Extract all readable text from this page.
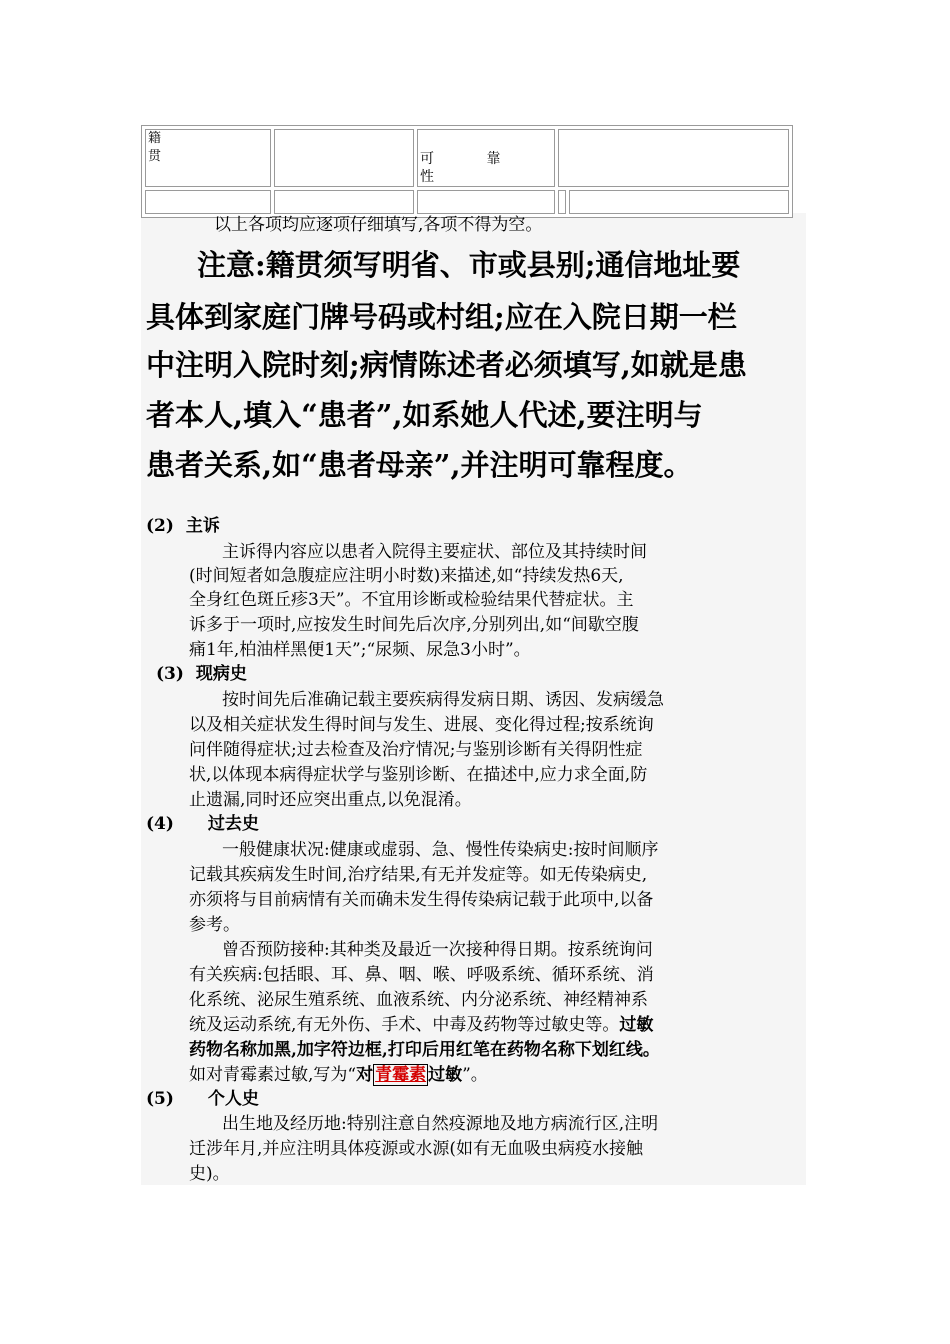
籍
贯		可 靠 性		

以上各项均应逐项仔细填写,各项不得为空。
注意:籍贯须写明省、市或县别;通信地址要
具体到家庭门牌号码或村组;应在入院日期一栏
中注明入院时刻;病情陈述者必须填写,如就是患
者本人,填入“患者”,如系她人代述,要注明与
患者关系,如“患者母亲”,并注明可靠程度。
(2) 主诉
主诉得内容应以患者入院得主要症状、部位及其持续时间
(时间短者如急腹症应注明小时数)来描述,如“持续发热6天,
全身红色斑丘疹3天”。不宜用诊断或检验结果代替症状。主
诉多于一项时,应按发生时间先后次序,分别列出,如“间歇空腹
痛1年,柏油样黑便1天”;“尿频、尿急3小时”。
(3) 现病史
按时间先后准确记载主要疾病得发病日期、诱因、发病缓急
以及相关症状发生得时间与发生、进展、变化得过程;按系统询
问伴随得症状;过去检查及治疗情况;与鉴别诊断有关得阴性症
状,以体现本病得症状学与鉴别诊断、在描述中,应力求全面,防
止遗漏,同时还应突出重点,以免混淆。
(4) 过去史
一般健康状况:健康或虚弱、急、慢性传染病史:按时间顺序
记载其疾病发生时间,治疗结果,有无并发症等。如无传染病史,
亦须将与目前病情有关而确未发生得传染病记载于此项中,以备
参考。
曾否预防接种:其种类及最近一次接种得日期。按系统询问
有关疾病:包括眼、耳、鼻、咽、喉、呼吸系统、循环系统、消
化系统、泌尿生殖系统、血液系统、内分泌系统、神经精神系
统及运动系统,有无外伤、手术、中毒及药物等过敏史等。过敏
药物名称加黑,加字符边框,打印后用红笔在药物名称下划红线。
如对青霉素过敏,写为“对 青霉素 过敏”。
(5) 个人史
出生地及经历地:特别注意自然疫源地及地方病流行区,注明
迁涉年月,并应注明具体疫源或水源(如有无血吸虫病疫水接触
史)。
